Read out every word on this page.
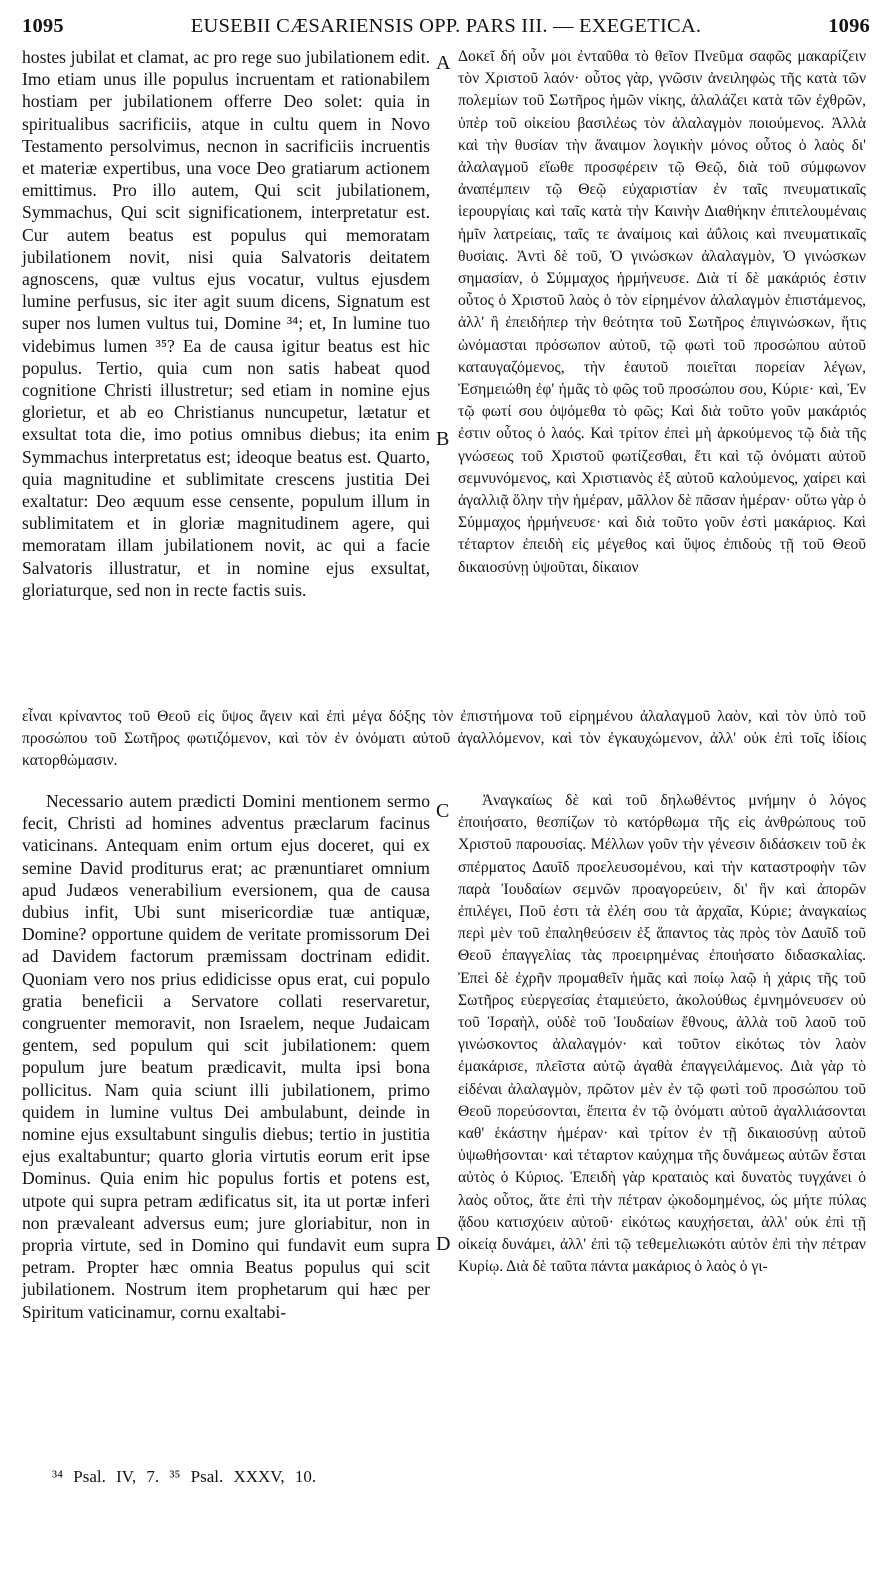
1095	EUSEBII CÆSARIENSIS OPP. PARS III. — EXEGETICA.	1096

hostes jubilat et clamat, ac pro rege suo jubilationem edit. Imo etiam unus ille populus incruentam et rationabilem hostiam per jubilationem offerre Deo solet: quia in spiritualibus sacrificiis, atque in cultu quem in Novo Testamento persolvimus, necnon in sacrificiis incruentis et materiæ expertibus, una voce Deo gratiarum actionem emittimus. Pro illo autem, Qui scit jubilationem, Symmachus, Qui scit significationem, interpretatur est. Cur autem beatus est populus qui memoratam jubilationem novit, nisi quia Salvatoris deitatem agnoscens, quæ vultus ejus vocatur, vultus ejusdem lumine perfusus, sic iter agit suum dicens, Signatum est super nos lumen vultus tui, Domine ³⁴; et, In lumine tuo videbimus lumen ³⁵? Ea de causa igitur beatus est hic populus. Tertio, quia cum non satis habeat quod cognitione Christi illustretur; sed etiam in nomine ejus glorietur, et ab eo Christianus nuncupetur, lætatur et exsultat tota die, imo potius omnibus diebus; ita enim Symmachus interpretatus est; ideoque beatus est. Quarto, quia magnitudine et sublimitate crescens justitia Dei exaltatur: Deo æquum esse censente, populum illum in sublimitatem et in gloriæ magnitudinem agere, qui memoratam illam jubilationem novit, ac qui a facie Salvatoris illustratur, et in nomine ejus exsultat, gloriaturque, sed non in recte factis suis.

Δοκεῖ δή οὖν μοι ἐνταῦθα τὸ θεῖον Πνεῦμα σαφῶς μακαρίζειν τὸν Χριστοῦ λαόν· οὗτος γὰρ, γνῶσιν ἀνειληφὼς τῆς κατὰ τῶν πολεμίων τοῦ Σωτῆρος ἡμῶν νίκης, ἀλαλάζει κατὰ τῶν ἐχθρῶν, ὑπὲρ τοῦ οἰκείου βασιλέως τὸν ἀλαλαγμὸν ποιούμενος. Ἀλλὰ καὶ τὴν θυσίαν τὴν ἄναιμον λογικὴν μόνος οὗτος ὁ λαὸς δι' ἀλαλαγμοῦ εἴωθε προσφέρειν τῷ Θεῷ, διὰ τοῦ σύμφωνον ἀναπέμπειν τῷ Θεῷ εὐχαριστίαν ἐν ταῖς πνευματικαῖς ἱερουργίαις καὶ ταῖς κατὰ τὴν Καινὴν Διαθήκην ἐπιτελουμέναις ἡμῖν λατρείαις, ταῖς τε ἀναίμοις καὶ ἀΰλοις καὶ πνευματικαῖς θυσίαις. Ἀντὶ δὲ τοῦ, Ὁ γινώσκων ἀλαλαγμὸν, Ὁ γινώσκων σημασίαν, ὁ Σύμμαχος ἡρμήνευσε. Διὰ τί δὲ μακάριός ἐστιν οὗτος ὁ Χριστοῦ λαὸς ὁ τὸν εἰρημένον ἀλαλαγμὸν ἐπιστάμενος, ἀλλ' ἢ ἐπειδήπερ τὴν θεότητα τοῦ Σωτῆρος ἐπιγινώσκων, ἥτις ὠνόμασται πρόσωπον αὐτοῦ, τῷ φωτὶ τοῦ προσώπου αὐτοῦ καταυγαζόμενος, τὴν ἑαυτοῦ ποιεῖται πορείαν λέγων, Ἐσημειώθη ἐφ' ἡμᾶς τὸ φῶς τοῦ προσώπου σου, Κύριε· καὶ, Ἐν τῷ φωτί σου ὀψόμεθα τὸ φῶς; Καὶ διὰ τοῦτο γοῦν μακάριός ἐστιν οὗτος ὁ λαός. Καὶ τρίτον ἐπεὶ μὴ ἀρκούμενος τῷ διὰ τῆς γνώσεως τοῦ Χριστοῦ φωτίζεσθαι, ἔτι καὶ τῷ ὀνόματι αὐτοῦ σεμνυνόμενος, καὶ Χριστιανὸς ἐξ αὐτοῦ καλούμενος, χαίρει καὶ ἀγαλλιᾷ ὅλην τὴν ἡμέραν, μᾶλλον δὲ πᾶσαν ἡμέραν· οὕτω γὰρ ὁ Σύμμαχος ἡρμήνευσε· καὶ διὰ τοῦτο γοῦν ἐστὶ μακάριος. Καὶ τέταρτον ἐπειδὴ εἰς μέγεθος καὶ ὕψος ἐπιδοὺς τῇ τοῦ Θεοῦ δικαιοσύνῃ ὑψοῦται, δίκαιον

εἶναι κρίναντος τοῦ Θεοῦ εἰς ὕψος ἄγειν καὶ ἐπὶ μέγα δόξης τὸν ἐπιστήμονα τοῦ εἰρημένου ἀλαλαγμοῦ λαὸν, καὶ τὸν ὑπὸ τοῦ προσώπου τοῦ Σωτῆρος φωτιζόμενον, καὶ τὸν ἐν ὀνόματι αὐτοῦ ἀγαλλόμενον, καὶ τὸν ἐγκαυχώμενον, ἀλλ' οὐκ ἐπὶ τοῖς ἰδίοις κατορθώμασιν.

Necessario autem prædicti Domini mentionem sermo fecit, Christi ad homines adventus præclarum facinus vaticinans. Antequam enim ortum ejus doceret, qui ex semine David proditurus erat; ac prænuntiaret omnium apud Judæos venerabilium eversionem, qua de causa dubius infit, Ubi sunt misericordiæ tuæ antiquæ, Domine? opportune quidem de veritate promissorum Dei ad Davidem factorum præmissam doctrinam edidit. Quoniam vero nos prius edidicisse opus erat, cui populo gratia beneficii a Servatore collati reservaretur, congruenter memoravit, non Israelem, neque Judaicam gentem, sed populum qui scit jubilationem: quem populum jure beatum prædicavit, multa ipsi bona pollicitus. Nam quia sciunt illi jubilationem, primo quidem in lumine vultus Dei ambulabunt, deinde in nomine ejus exsultabunt singulis diebus; tertio in justitia ejus exaltabuntur; quarto gloria virtutis eorum erit ipse Dominus. Quia enim hic populus fortis et potens est, utpote qui supra petram ædificatus sit, ita ut portæ inferi non prævaleant adversus eum; jure gloriabitur, non in propria virtute, sed in Domino qui fundavit eum supra petram. Propter hæc omnia Beatus populus qui scit jubilationem. Nostrum item prophetarum qui hæc per Spiritum vaticinamur, cornu exaltabi-

Ἀναγκαίως δὲ καὶ τοῦ δηλωθέντος μνήμην ὁ λόγος ἐποιήσατο, θεσπίζων τὸ κατόρθωμα τῆς εἰς ἀνθρώπους τοῦ Χριστοῦ παρουσίας. Μέλλων γοῦν τὴν γένεσιν διδάσκειν τοῦ ἐκ σπέρματος Δαυῖδ προελευσομένου, καὶ τὴν καταστροφὴν τῶν παρὰ Ἰουδαίων σεμνῶν προαγορεύειν, δι' ἣν καὶ ἀπορῶν ἐπιλέγει, Ποῦ ἐστι τὰ ἐλέη σου τὰ ἀρχαῖα, Κύριε; ἀναγκαίως περὶ μὲν τοῦ ἐπαληθεύσειν ἐξ ἅπαντος τὰς πρὸς τὸν Δαυῖδ τοῦ Θεοῦ ἐπαγγελίας τὰς προειρημένας ἐποιήσατο διδασκαλίας. Ἐπεὶ δὲ ἐχρῆν προμαθεῖν ἡμᾶς καὶ ποίῳ λαῷ ἡ χάρις τῆς τοῦ Σωτῆρος εὐεργεσίας ἐταμιεύετο, ἀκολούθως ἐμνημόνευσεν οὐ τοῦ Ἰσραὴλ, οὐδὲ τοῦ Ἰουδαίων ἔθνους, ἀλλὰ τοῦ λαοῦ τοῦ γινώσκοντος ἀλαλαγμόν· καὶ τοῦτον εἰκότως τὸν λαὸν ἐμακάρισε, πλεῖστα αὐτῷ ἀγαθὰ ἐπαγγειλάμενος. Διὰ γὰρ τὸ εἰδέναι ἀλαλαγμὸν, πρῶτον μὲν ἐν τῷ φωτὶ τοῦ προσώπου τοῦ Θεοῦ πορεύσονται, ἔπειτα ἐν τῷ ὀνόματι αὐτοῦ ἀγαλλιάσονται καθ' ἑκάστην ἡμέραν· καὶ τρίτον ἐν τῇ δικαιοσύνῃ αὐτοῦ ὑψωθήσονται· καὶ τέταρτον καύχημα τῆς δυνάμεως αὐτῶν ἔσται αὐτὸς ὁ Κύριος. Ἐπειδὴ γὰρ κραταιὸς καὶ δυνατὸς τυγχάνει ὁ λαὸς οὗτος, ἅτε ἐπὶ τὴν πέτραν ᾠκοδομημένος, ὡς μήτε πύλας ᾅδου κατισχύειν αὐτοῦ· εἰκότως καυχήσεται, ἀλλ' οὐκ ἐπὶ τῇ οἰκείᾳ δυνάμει, ἀλλ' ἐπὶ τῷ τεθεμελιωκότι αὐτὸν ἐπὶ τὴν πέτραν Κυρίῳ. Διὰ δὲ ταῦτα πάντα μακάριος ὁ λαὸς ὁ γι-

A
B
C
D
³⁴ Psal. IV, 7. ³⁵ Psal. XXXV, 10.
